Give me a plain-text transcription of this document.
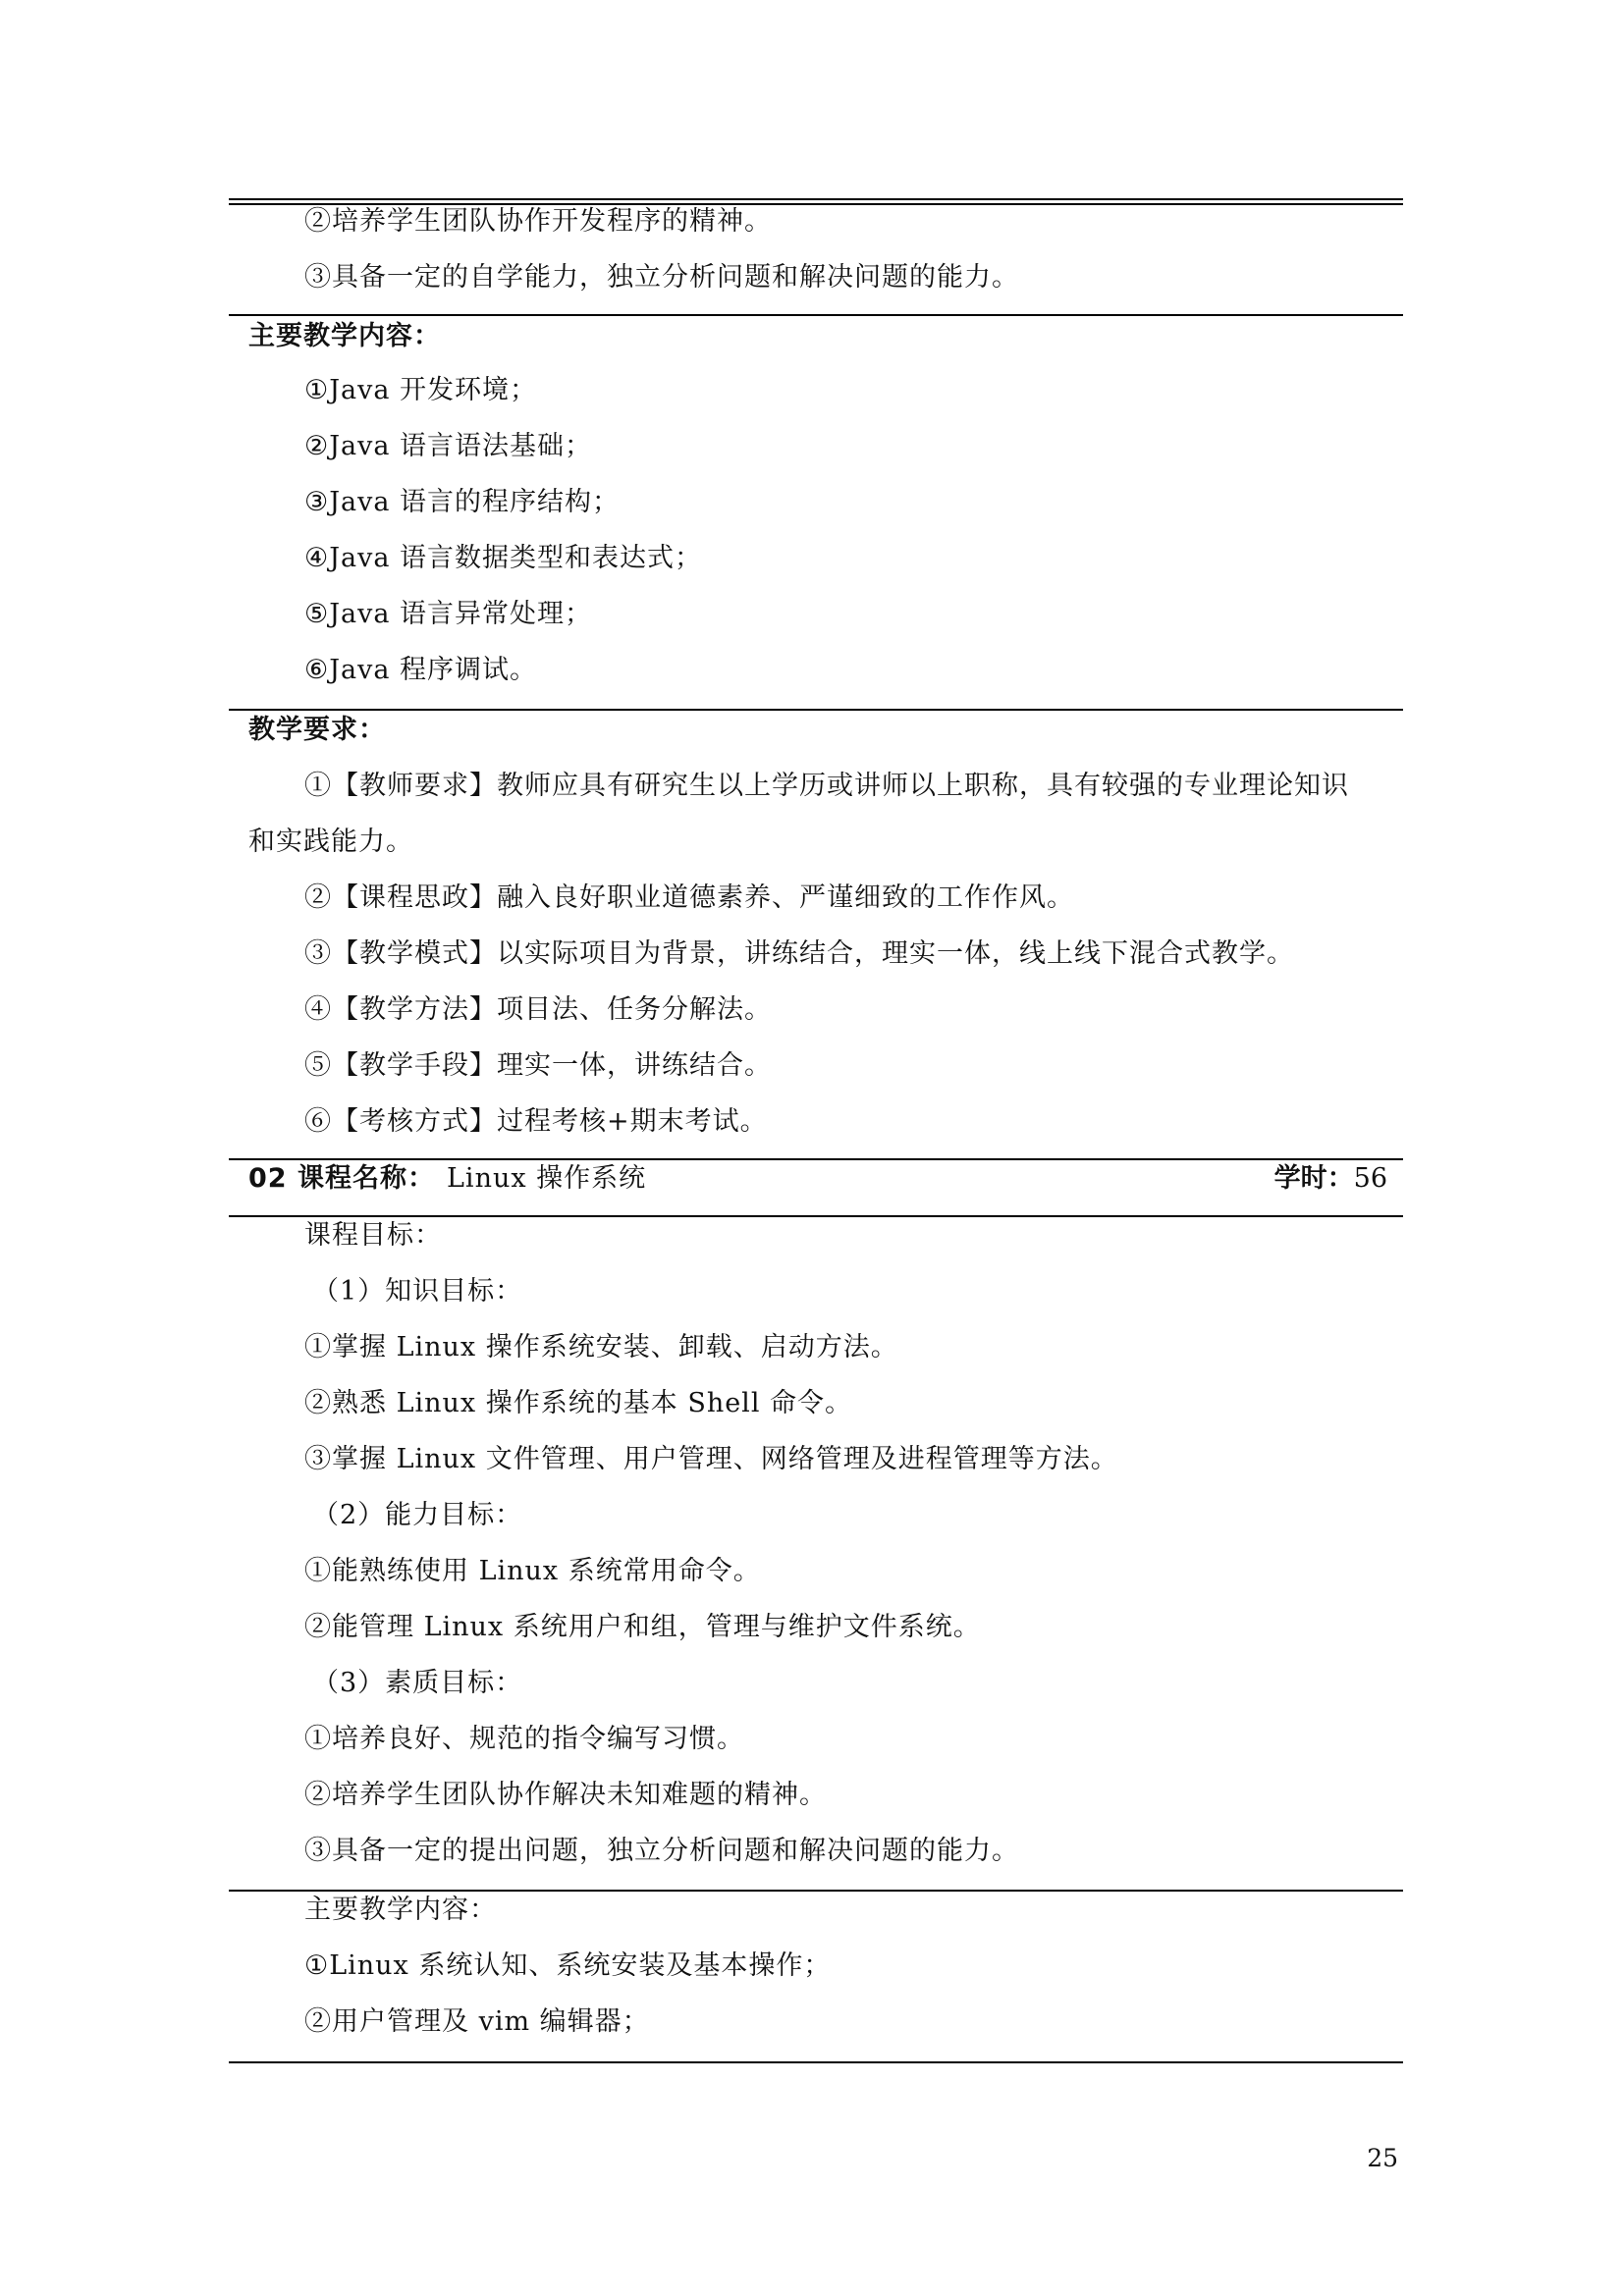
②培养学生团队协作开发程序的精神。
③具备一定的自学能力，独立分析问题和解决问题的能力。
主要教学内容：
①Java 开发环境；
②Java 语言语法基础；
③Java 语言的程序结构；
④Java 语言数据类型和表达式；
⑤Java 语言异常处理；
⑥Java 程序调试。
教学要求：
①【教师要求】教师应具有研究生以上学历或讲师以上职称，具有较强的专业理论知识
和实践能力。
②【课程思政】融入良好职业道德素养、严谨细致的工作作风。
③【教学模式】以实际项目为背景，讲练结合，理实一体，线上线下混合式教学。
④【教学方法】项目法、任务分解法。
⑤【教学手段】理实一体，讲练结合。
⑥【考核方式】过程考核+期末考试。
02 课程名称： Linux 操作系统	学时：56
课程目标：
（1）知识目标：
①掌握 Linux 操作系统安装、卸载、启动方法。
②熟悉 Linux 操作系统的基本 Shell 命令。
③掌握 Linux 文件管理、用户管理、网络管理及进程管理等方法。
（2）能力目标：
①能熟练使用 Linux 系统常用命令。
②能管理 Linux 系统用户和组，管理与维护文件系统。
（3）素质目标：
①培养良好、规范的指令编写习惯。
②培养学生团队协作解决未知难题的精神。
③具备一定的提出问题，独立分析问题和解决问题的能力。
主要教学内容：
①Linux 系统认知、系统安装及基本操作；
②用户管理及 vim 编辑器；
25
